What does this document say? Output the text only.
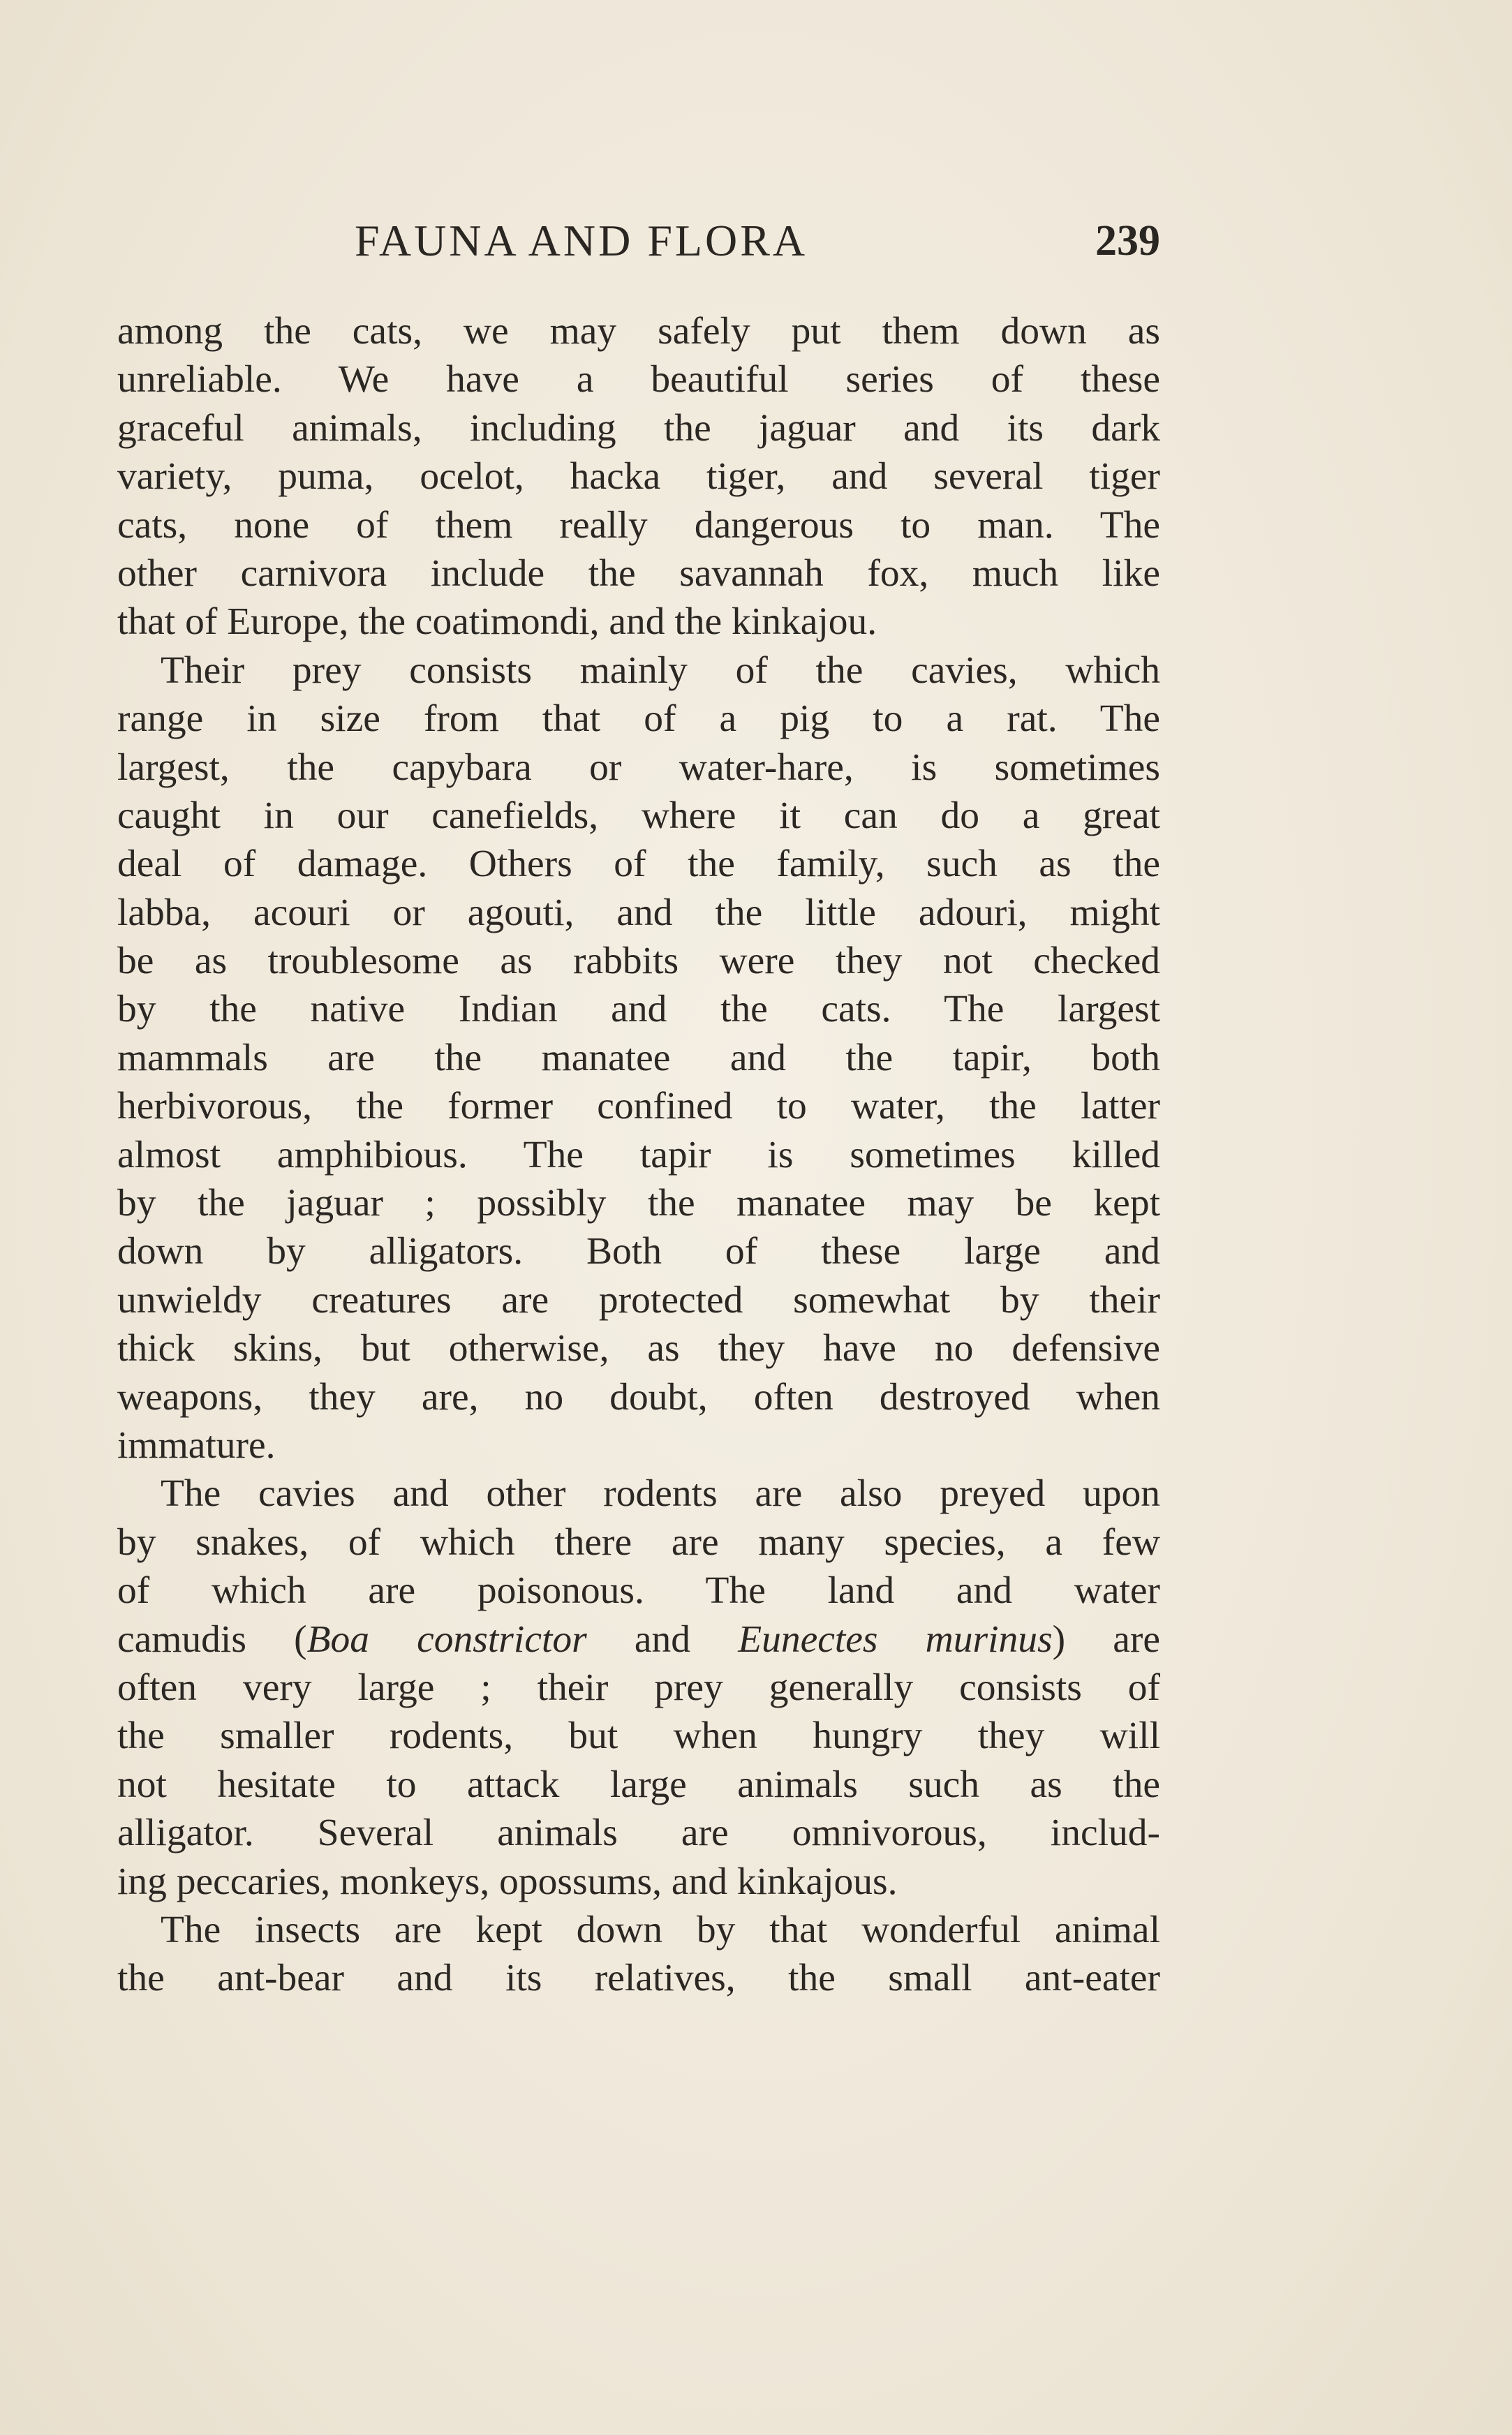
FAUNA AND FLORA	239
among the cats, we may safely put them down as
unreliable. We have a beautiful series of these
graceful animals, including the jaguar and its dark
variety, puma, ocelot, hacka tiger, and several tiger
cats, none of them really dangerous to man. The
other carnivora include the savannah fox, much like
that of Europe, the coatimondi, and the kinkajou.
Their prey consists mainly of the cavies, which
range in size from that of a pig to a rat. The
largest, the capybara or water-hare, is sometimes
caught in our canefields, where it can do a great
deal of damage. Others of the family, such as the
labba, acouri or agouti, and the little adouri, might
be as troublesome as rabbits were they not checked
by the native Indian and the cats. The largest
mammals are the manatee and the tapir, both
herbivorous, the former confined to water, the latter
almost amphibious. The tapir is sometimes killed
by the jaguar ; possibly the manatee may be kept
down by alligators. Both of these large and
unwieldy creatures are protected somewhat by their
thick skins, but otherwise, as they have no defensive
weapons, they are, no doubt, often destroyed when
immature.
The cavies and other rodents are also preyed upon
by snakes, of which there are many species, a few
of which are poisonous. The land and water
camudis (Boa constrictor and Eunectes murinus) are
often very large ; their prey generally consists of
the smaller rodents, but when hungry they will
not hesitate to attack large animals such as the
alligator. Several animals are omnivorous, includ-
ing peccaries, monkeys, opossums, and kinkajous.
The insects are kept down by that wonderful animal
the ant-bear and its relatives, the small ant-eater
